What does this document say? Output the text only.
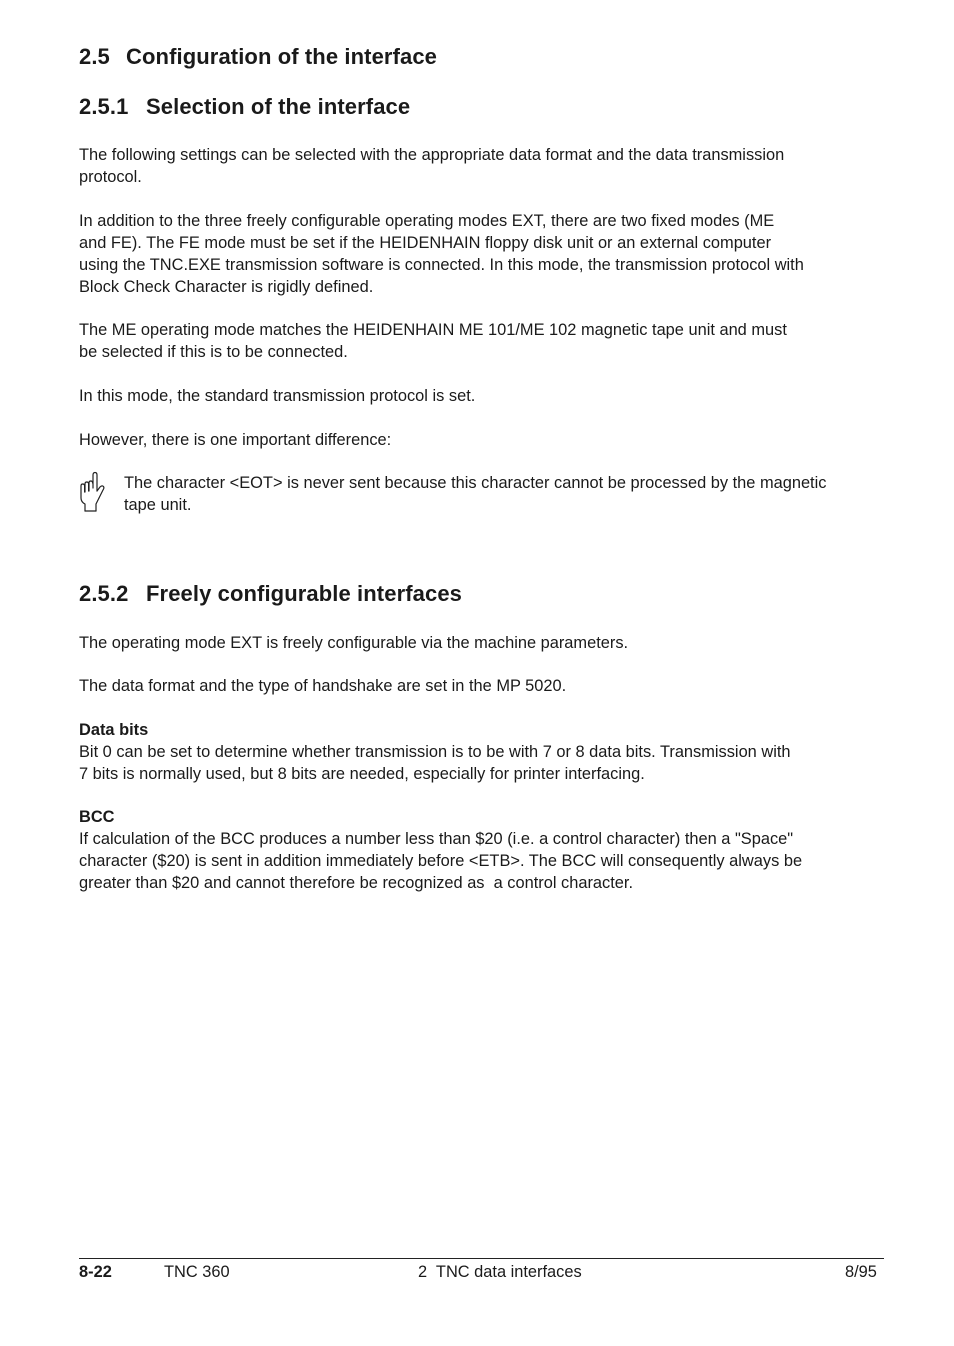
2.5 Configuration of the interface
2.5.1 Selection of the interface

The following settings can be selected with the appropriate data format and the data transmission

protocol.

In addition to the three freely configurable operating modes EXT, there are two fixed modes (ME

and FE). The FE mode must be set if the HEIDENHAIN floppy disk unit or an external computer

using the TNC.EXE transmission software is connected. In this mode, the transmission protocol with

Block Check Character is rigidly defined.

The ME operating mode matches the HEIDENHAIN ME 101/ME 102 magnetic tape unit and must

be selected if this is to be connected.

In this mode, the standard transmission protocol is set.

However, there is one important difference:

The character <EOT> is never sent because this character cannot be processed by the magnetic

tape unit.

2.5.2 Freely configurable interfaces

The operating mode EXT is freely configurable via the machine parameters.

The data format and the type of handshake are set in the MP 5020.

Data bits

Bit 0 can be set to determine whether transmission is to be with 7 or 8 data bits. Transmission with

7 bits is normally used, but 8 bits are needed, especially for printer interfacing.

BCC

If calculation of the BCC produces a number less than $20 (i.e. a control character) then a "Space"

character ($20) is sent in addition immediately before <ETB>. The BCC will consequently always be

greater than $20 and cannot therefore be recognized as  a control character.

8-22	TNC 360	2  TNC data interfaces	8/95
